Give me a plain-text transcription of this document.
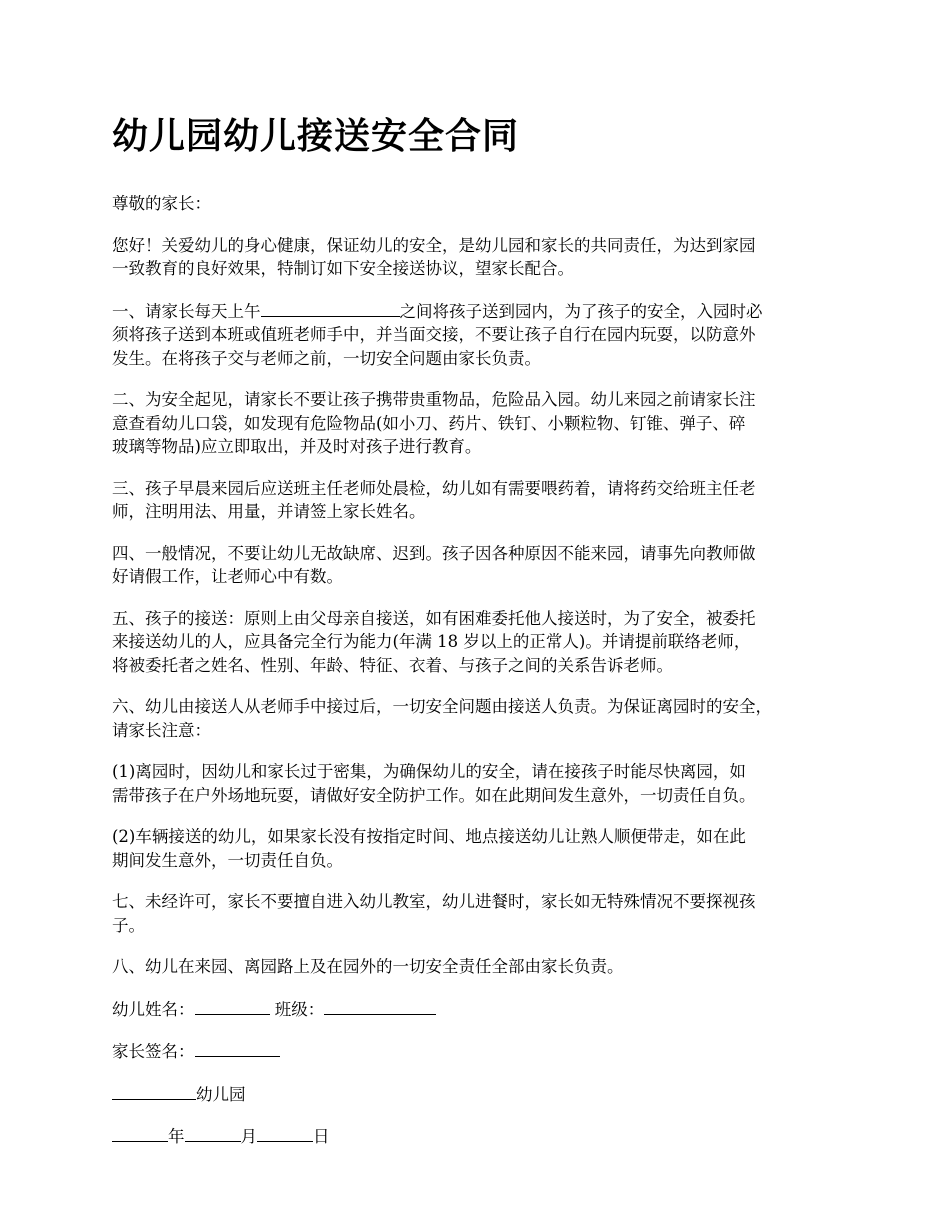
幼儿园幼儿接送安全合同

尊敬的家长：

您好！关爱幼儿的身心健康，保证幼儿的安全，是幼儿园和家长的共同责任，为达到家园
一致教育的良好效果，特制订如下安全接送协议，望家长配合。

一、请家长每天上午	之间将孩子送到园内，为了孩子的安全，入园时必
须将孩子送到本班或值班老师手中，并当面交接，不要让孩子自行在园内玩耍，以防意外
发生。在将孩子交与老师之前，一切安全问题由家长负责。

二、为安全起见，请家长不要让孩子携带贵重物品，危险品入园。幼儿来园之前请家长注
意查看幼儿口袋，如发现有危险物品(如小刀、药片、铁钉、小颗粒物、钉锥、弹子、碎
玻璃等物品)应立即取出，并及时对孩子进行教育。

三、孩子早晨来园后应送班主任老师处晨检，幼儿如有需要喂药着，请将药交给班主任老
师，注明用法、用量，并请签上家长姓名。

四、一般情况，不要让幼儿无故缺席、迟到。孩子因各种原因不能来园，请事先向教师做
好请假工作，让老师心中有数。

五、孩子的接送：原则上由父母亲自接送，如有困难委托他人接送时，为了安全，被委托
来接送幼儿的人，应具备完全行为能力(年满 18 岁以上的正常人)。并请提前联络老师，
将被委托者之姓名、性别、年龄、特征、衣着、与孩子之间的关系告诉老师。

六、幼儿由接送人从老师手中接过后，一切安全问题由接送人负责。为保证离园时的安全，
请家长注意：

(1)离园时，因幼儿和家长过于密集，为确保幼儿的安全，请在接孩子时能尽快离园，如
需带孩子在户外场地玩耍，请做好安全防护工作。如在此期间发生意外，一切责任自负。

(2)车辆接送的幼儿，如果家长没有按指定时间、地点接送幼儿让熟人顺便带走，如在此
期间发生意外，一切责任自负。

七、未经许可，家长不要擅自进入幼儿教室，幼儿进餐时，家长如无特殊情况不要探视孩
子。

八、幼儿在来园、离园路上及在园外的一切安全责任全部由家长负责。

幼儿姓名：	班级：

家长签名：

幼儿园

年	月	日
